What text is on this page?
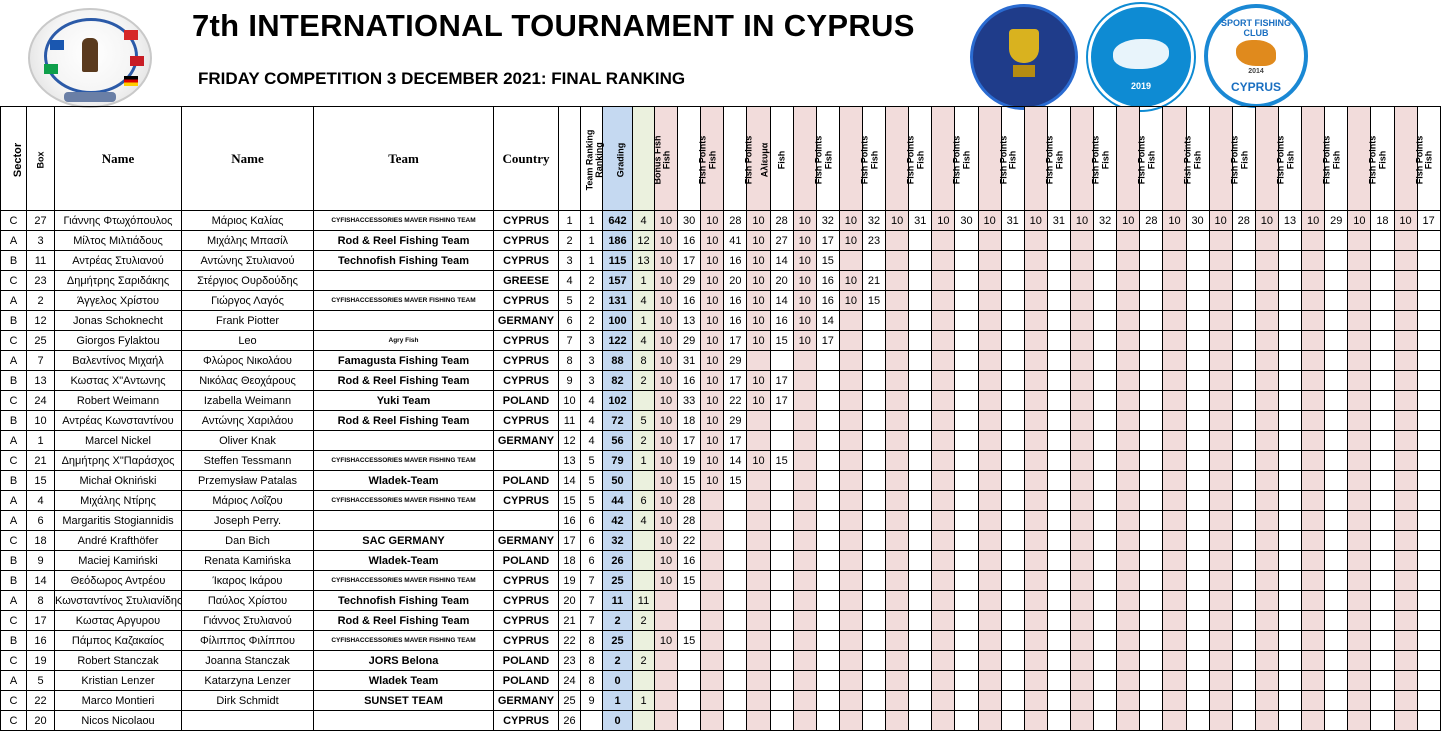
7th INTERNATIONAL TOURNAMENT IN CYPRUS
FRIDAY COMPETITION 3 DECEMBER 2021: FINAL RANKING	2019
SPORT FISHING CLUB
2014
CYPRUS
Sector	Box	Name	Name	Team	Country	Team Ranking	Ranking	Grading	Bonus Fish	Fish	Fish Points	Fish	Fish Points	Αλίευμα	Fish	Fish Points	Fish	Fish Points	Fish	Fish Points	Fish	Fish Points	Fish	Fish Points	Fish	Fish Points	Fish	Fish Points	Fish	Fish Points	Fish	Fish Points	Fish	Fish Points	Fish	Fish Points	Fish	Fish Points	Fish	Fish Points	Fish	Fish Points	Fish
C	27	Γιάννης Φτωχόπουλος	Μάριος Καλίας	CYFISHACCESSORIES MAVER FISHING TEAM	CYPRUS	1	1	642	4	10	30	10	28	10	28	10	32	10	32	10	31	10	30	10	31	10	31	10	32	10	28	10	30	10	28	10	13	10	29	10	18	10	17
A	3	Μίλτος Μιλτιάδους	Μιχάλης Μπασίλ	Rod & Reel Fishing Team	CYPRUS	2	1	186	12	10	16	10	41	10	27	10	17	10	23																								
B	11	Αντρέας Στυλιανού	Αντώνης Στυλιανού	Technofish Fishing Team	CYPRUS	3	1	115	13	10	17	10	16	10	14	10	15																										
C	23	Δημήτρης Σαριδάκης	Στέργιος Ουρδούδης		GREESE	4	2	157	1	10	29	10	20	10	20	10	16	10	21																								
A	2	Άγγελος Χρίστου	Γιώργος Λαγός	CYFISHACCESSORIES MAVER FISHING TEAM	CYPRUS	5	2	131	4	10	16	10	16	10	14	10	16	10	15																								
B	12	Jonas Schoknecht	Frank Piotter		GERMANY	6	2	100	1	10	13	10	16	10	16	10	14																										
C	25	Giorgos Fylaktou	Leo	Agry Fish	CYPRUS	7	3	122	4	10	29	10	17	10	15	10	17																										
A	7	Βαλεντίνος Μιχαήλ	Φλώρος Νικολάου	Famagusta Fishing Team	CYPRUS	8	3	88	8	10	31	10	29																														
B	13	Κωστας Χ"Αντωνης	Νικόλας Θεοχάρους	Rod & Reel Fishing Team	CYPRUS	9	3	82	2	10	16	10	17	10	17																												
C	24	Robert Weimann	Izabella Weimann	Yuki Team	POLAND	10	4	102		10	33	10	22	10	17																												
B	10	Αντρέας Κωνσταντίνου	Αντώνης Χαριλάου	Rod & Reel Fishing Team	CYPRUS	11	4	72	5	10	18	10	29																														
A	1	Marcel Nickel	Oliver Knak		GERMANY	12	4	56	2	10	17	10	17																														
C	21	Δημήτρης Χ"Παράσχος	Steffen Tessmann	CYFISHACCESSORIES MAVER FISHING TEAM		13	5	79	1	10	19	10	14	10	15																												
B	15	Michał Okniński	Przemysław Patalas	Wladek-Team	POLAND	14	5	50		10	15	10	15																														
A	4	Μιχάλης Ντίρης	Μάριος Λοΐζου	CYFISHACCESSORIES MAVER FISHING TEAM	CYPRUS	15	5	44	6	10	28																																
A	6	Margaritis Stogiannidis	Joseph Perry.			16	6	42	4	10	28																																
C	18	André Krafthöfer	Dan Bich	SAC GERMANY	GERMANY	17	6	32		10	22																																
B	9	Maciej Kamiński	Renata Kamińska	Wladek-Team	POLAND	18	6	26		10	16																																
B	14	Θεόδωρος Αντρέου	Ίκαρος Ικάρου	CYFISHACCESSORIES MAVER FISHING TEAM	CYPRUS	19	7	25		10	15																																
A	8	Κωνσταντίνος Στυλιανίδης	Παύλος Χρίστου	Technofish Fishing Team	CYPRUS	20	7	11	11																																		
C	17	Κωστας Αργυρου	Γιάννος Στυλιανού	Rod & Reel Fishing Team	CYPRUS	21	7	2	2																																		
B	16	Πάμπος Καζακαίος	Φίλιππος Φιλίππου	CYFISHACCESSORIES MAVER FISHING TEAM	CYPRUS	22	8	25		10	15																																
C	19	Robert Stanczak	Joanna Stanczak	JORS Belona	POLAND	23	8	2	2																																		
A	5	Kristian Lenzer	Katarzyna Lenzer	Wladek Team	POLAND	24	8	0																																			
C	22	Marco Montieri	Dirk Schmidt	SUNSET TEAM	GERMANY	25	9	1	1																																		
C	20	Nicos Nicolaou			CYPRUS	26		0																																			
